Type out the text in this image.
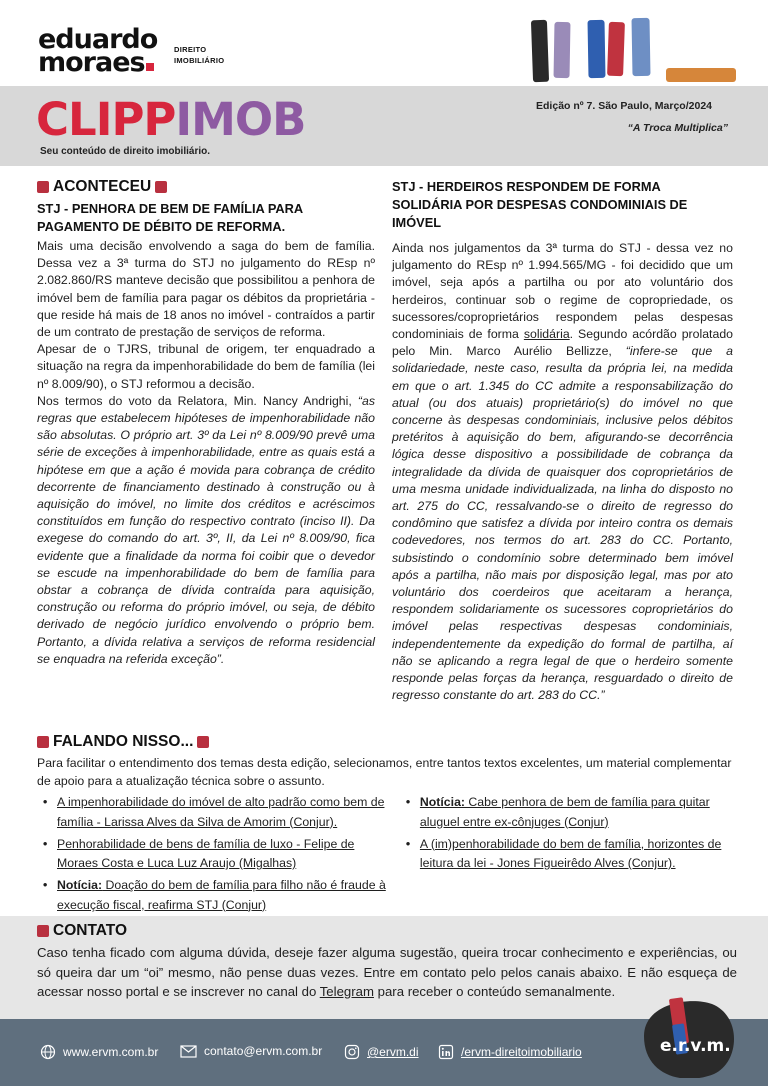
eduardo
moraes	DIREITO
IMOBILIÁRIO
CLIPPIMOB
Seu conteúdo de direito imobiliário.
Edição nº 7. São Paulo, Março/2024
“A Troca Multiplica”
ACONTECEU
STJ - PENHORA DE BEM DE FAMÍLIA PARA PAGAMENTO DE DÉBITO DE REFORMA.
Mais uma decisão envolvendo a saga do bem de família. Dessa vez a 3ª turma do STJ no julgamento do REsp nº 2.082.860/RS manteve decisão que possibilitou a penhora de imóvel bem de família para pagar os débitos da proprietária - que reside há mais de 18 anos no imóvel - contraídos a partir de um contrato de prestação de serviços de reforma.
Apesar de o TJRS, tribunal de origem, ter enquadrado a situação na regra da impenhorabilidade do bem de família (lei nº 8.009/90), o STJ reformou a decisão.
Nos termos do voto da Relatora, Min. Nancy Andrighi, “as regras que estabelecem hipóteses de impenhorabilidade não são absolutas. O próprio art. 3º da Lei nº 8.009/90 prevê uma série de exceções à impenhorabilidade, entre as quais está a hipótese em que a ação é movida para cobrança de crédito decorrente de financiamento destinado à construção ou à aquisição do imóvel, no limite dos créditos e acréscimos constituídos em função do respectivo contrato (inciso II). Da exegese do comando do art. 3º, II, da Lei nº 8.009/90, fica evidente que a finalidade da norma foi coibir que o devedor se escude na impenhorabilidade do bem de família para obstar a cobrança de dívida contraída para aquisição, construção ou reforma do próprio imóvel, ou seja, de débito derivado de negócio jurídico envolvendo o próprio bem. Portanto, a dívida relativa a serviços de reforma residencial se enquadra na referida exceção”.
STJ - HERDEIROS RESPONDEM DE FORMA SOLIDÁRIA POR DESPESAS CONDOMINIAIS DE IMÓVEL
Ainda nos julgamentos da 3ª turma do STJ - dessa vez no julgamento do REsp nº 1.994.565/MG - foi decidido que um imóvel, seja após a partilha ou por ato voluntário dos herdeiros, continuar sob o regime de copropriedade, os sucessores/coproprietários respondem pelas despesas condominiais de forma solidária. Segundo acórdão prolatado pelo Min. Marco Aurélio Bellizze, “infere-se que a solidariedade, neste caso, resulta da própria lei, na medida em que o art. 1.345 do CC admite a responsabilização do atual (ou dos atuais) proprietário(s) do imóvel no que concerne às despesas condominiais, inclusive pelos débitos pretéritos à aquisição do bem, afigurando-se decorrência lógica desse dispositivo a possibilidade de cobrança da integralidade da dívida de quaisquer dos coproprietários de uma mesma unidade individualizada, na linha do disposto no art. 275 do CC, ressalvando-se o direito de regresso do condômino que satisfez a dívida por inteiro contra os demais codevedores, nos termos do art. 283 do CC. Portanto, subsistindo o condomínio sobre determinado bem imóvel após a partilha, não mais por disposição legal, mas por ato voluntário dos coerdeiros que aceitaram a herança, respondem solidariamente os sucessores coproprietários do imóvel pelas respectivas despesas condominiais, independentemente da expedição do formal de partilha, aí não se aplicando a regra legal de que o herdeiro somente responde pelas forças da herança, resguardado o direito de regresso constante do art. 283 do CC.”
FALANDO NISSO...
Para facilitar o entendimento dos temas desta edição, selecionamos, entre tantos textos excelentes, um material complementar de apoio para a atualização técnica sobre o assunto.
• A impenhorabilidade do imóvel de alto padrão como bem de família - Larissa Alves da Silva de Amorim (Conjur).
• Penhorabilidade de bens de família de luxo - Felipe de Moraes Costa e Luca Luz Araujo (Migalhas)
• Notícia: Doação do bem de família para filho não é fraude à execução fiscal, reafirma STJ (Conjur)
• Notícia: Cabe penhora de bem de família para quitar aluguel entre ex-cônjuges (Conjur)
• A (im)penhorabilidade do bem de família, horizontes de leitura da lei - Jones Figueirêdo Alves (Conjur).
CONTATO
Caso tenha ficado com alguma dúvida, deseje fazer alguma sugestão, queira trocar conhecimento e experiências, ou só queira dar um “oi” mesmo, não pense duas vezes. Entre em contato pelo pelos canais abaixo. E não esqueça de acessar nosso portal e se inscrever no canal do Telegram para receber o conteúdo semanalmente.
www.ervm.com.br	contato@ervm.com.br	@ervm.di	/ervm-direitoimobiliario	e.r.v.m.
